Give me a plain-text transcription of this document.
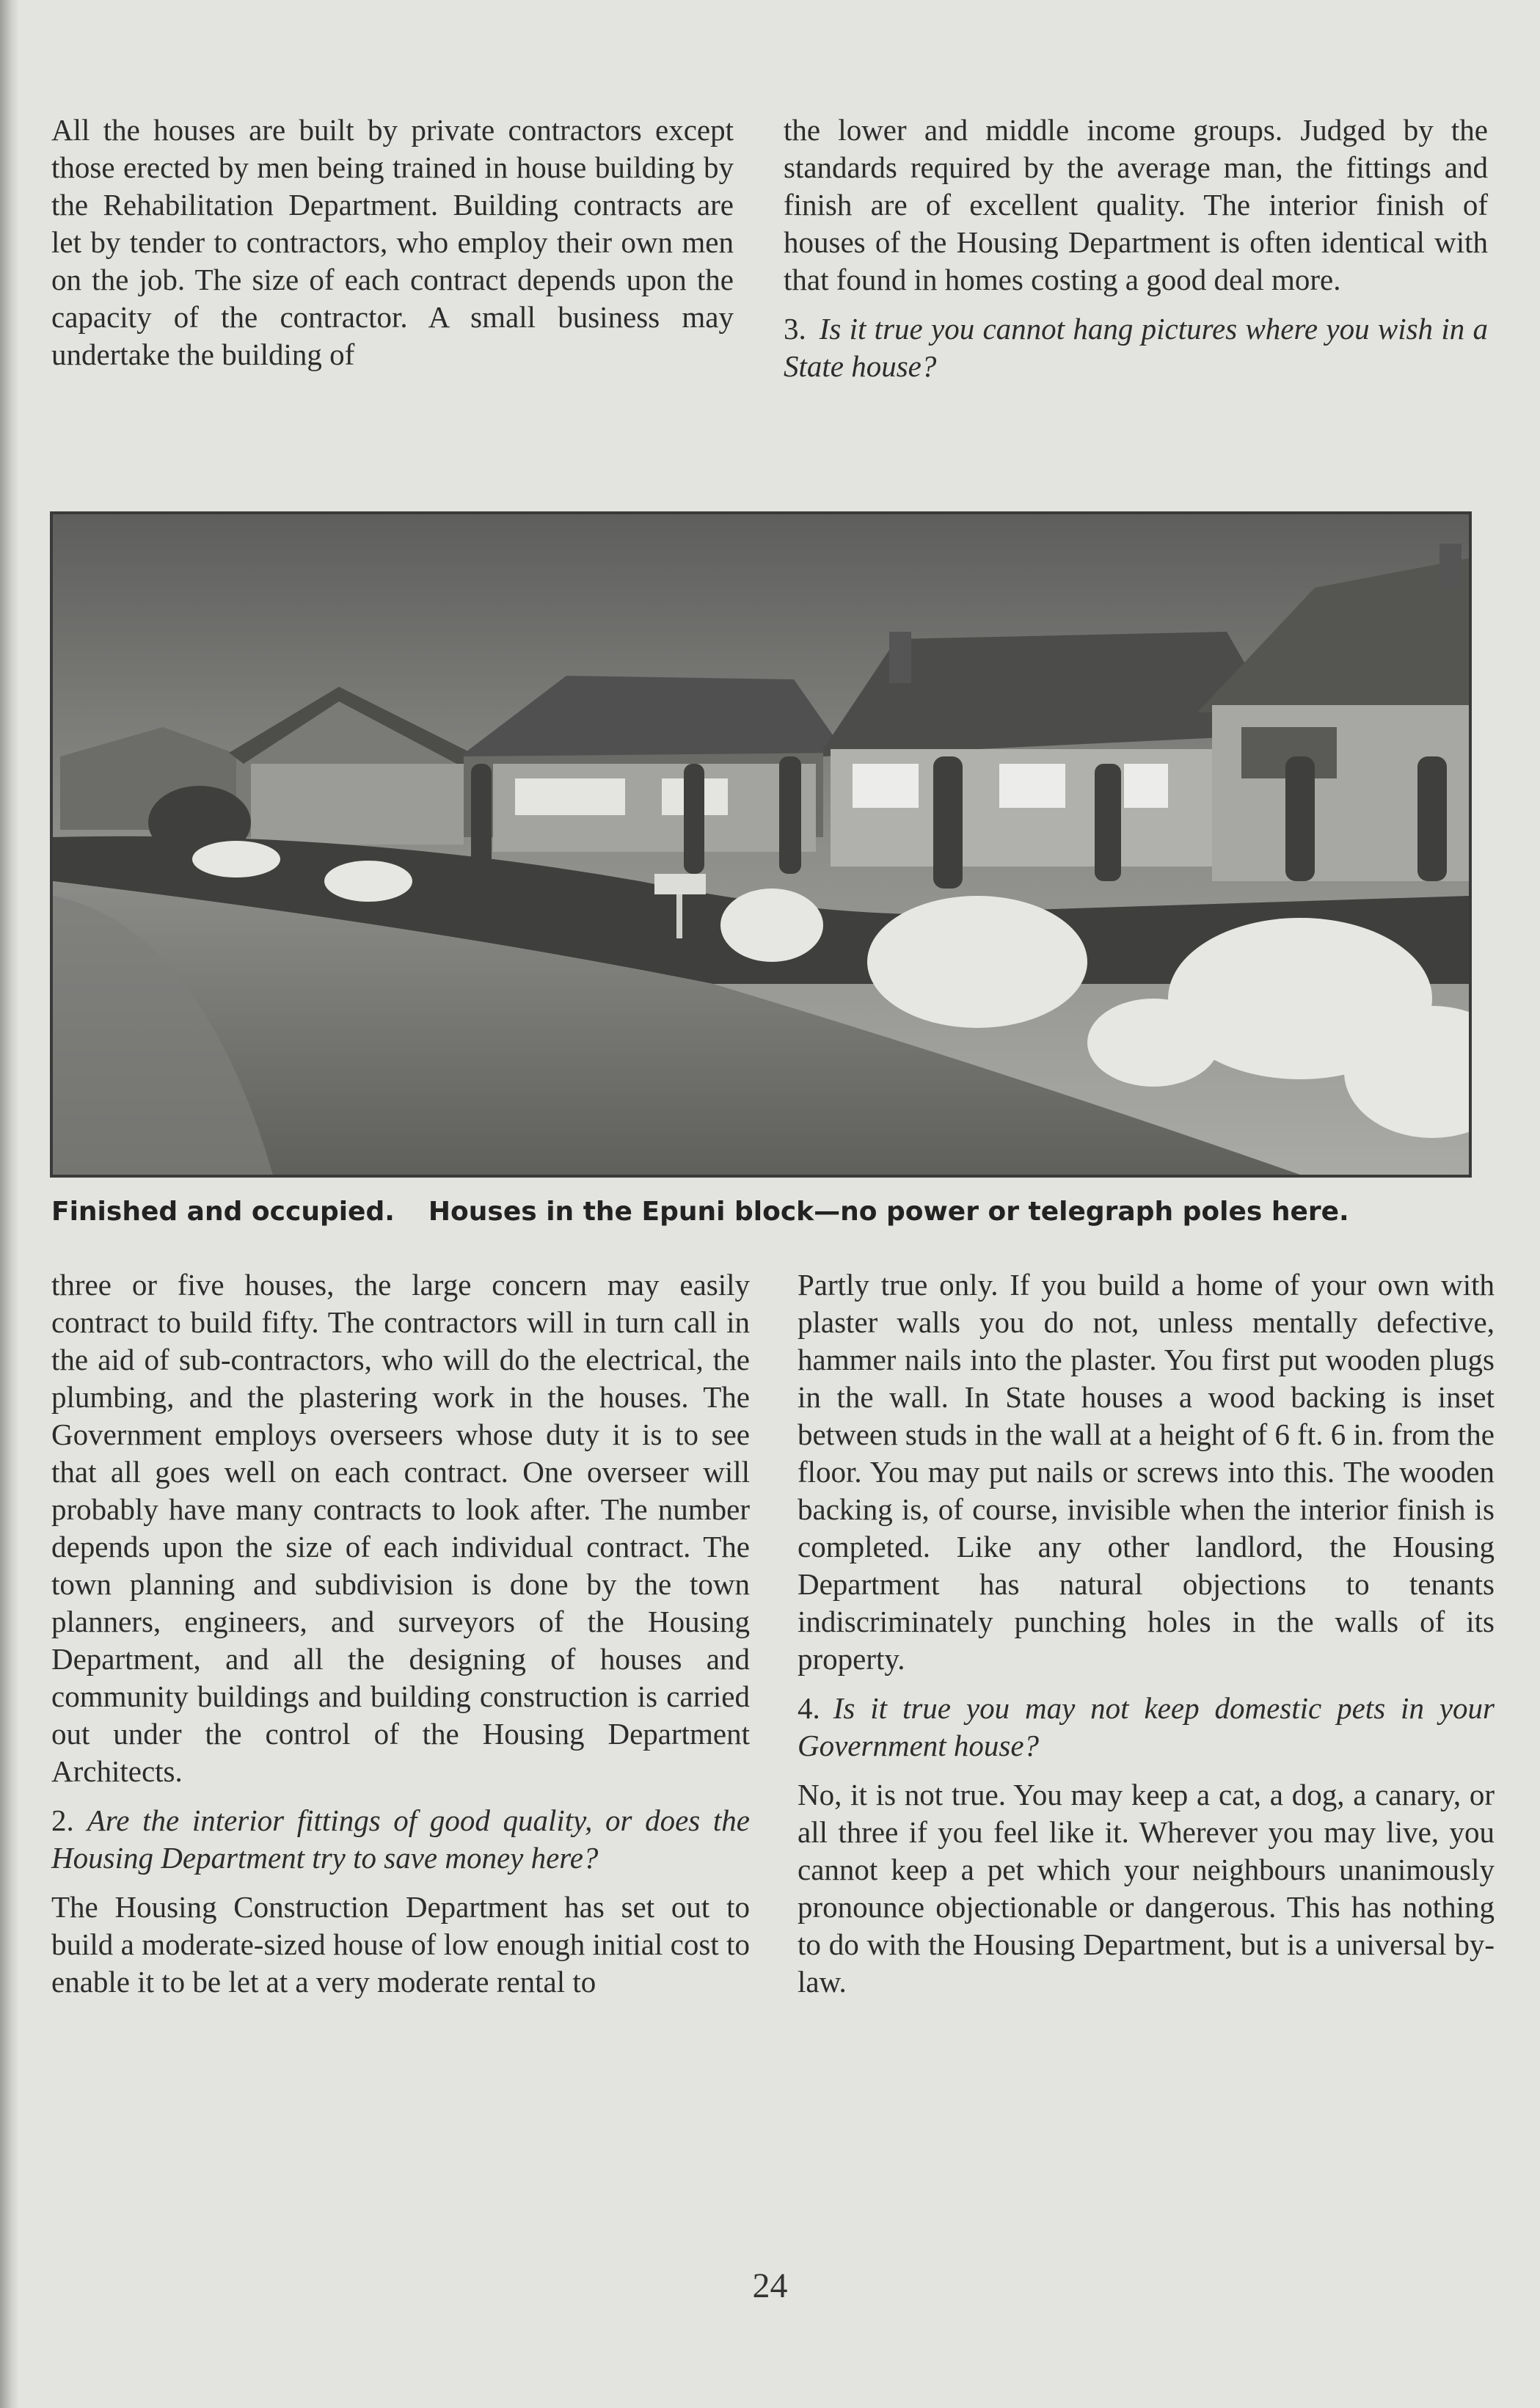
All the houses are built by private contractors except those erected by men being trained in house building by the Rehabilitation Department. Building contracts are let by tender to contractors, who employ their own men on the job. The size of each contract depends upon the capacity of the contractor. A small business may undertake the building of

the lower and middle income groups. Judged by the standards required by the average man, the fittings and finish are of excellent quality. The interior finish of houses of the Housing Department is often identical with that found in homes costing a good deal more.

3. Is it true you cannot hang pictures where you wish in a State house?

Finished and occupied. Houses in the Epuni block—no power or telegraph poles here.

three or five houses, the large concern may easily contract to build fifty. The contractors will in turn call in the aid of sub-contractors, who will do the electrical, the plumbing, and the plastering work in the houses. The Government employs overseers whose duty it is to see that all goes well on each contract. One overseer will probably have many contracts to look after. The number depends upon the size of each individual contract. The town planning and subdivision is done by the town planners, engineers, and surveyors of the Housing Department, and all the designing of houses and community buildings and building construction is carried out under the control of the Housing Department Architects.

2. Are the interior fittings of good quality, or does the Housing Department try to save money here?

The Housing Construction Department has set out to build a moderate-sized house of low enough initial cost to enable it to be let at a very moderate rental to

Partly true only. If you build a home of your own with plaster walls you do not, unless mentally defective, hammer nails into the plaster. You first put wooden plugs in the wall. In State houses a wood backing is inset between studs in the wall at a height of 6 ft. 6 in. from the floor. You may put nails or screws into this. The wooden backing is, of course, invisible when the interior finish is completed. Like any other landlord, the Housing Department has natural objections to tenants indiscriminately punching holes in the walls of its property.

4. Is it true you may not keep domestic pets in your Government house?

No, it is not true. You may keep a cat, a dog, a canary, or all three if you feel like it. Wherever you may live, you cannot keep a pet which your neighbours unanimously pronounce objectionable or dangerous. This has nothing to do with the Housing Department, but is a universal by-law.

24
